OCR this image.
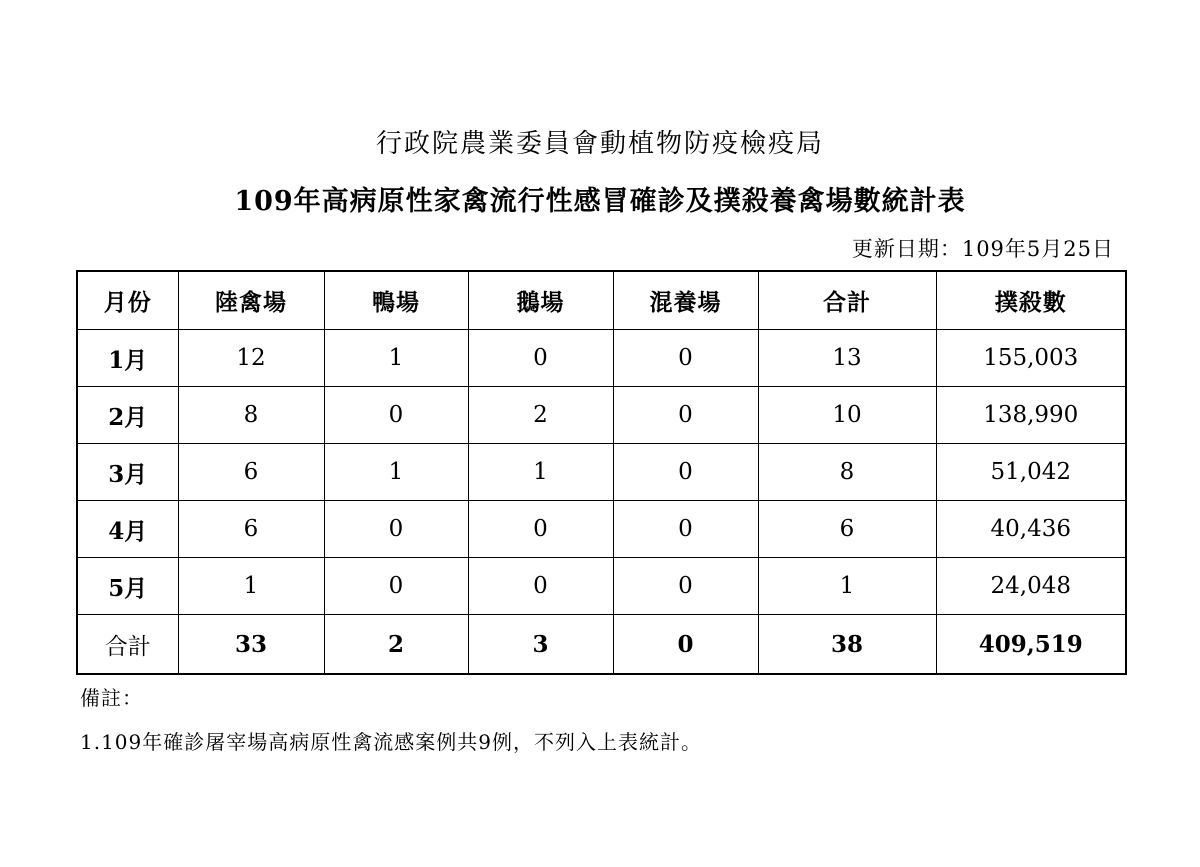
行政院農業委員會動植物防疫檢疫局
109年高病原性家禽流行性感冒確診及撲殺養禽場數統計表
更新日期：109年5月25日
月份	陸禽場	鴨場	鵝場	混養場	合計	撲殺數
1月	12	1	0	0	13	155,003
2月	8	0	2	0	10	138,990
3月	6	1	1	0	8	51,042
4月	6	0	0	0	6	40,436
5月	1	0	0	0	1	24,048
合計	33	2	3	0	38	409,519
備註：
1.109年確診屠宰場高病原性禽流感案例共9例，不列入上表統計。
